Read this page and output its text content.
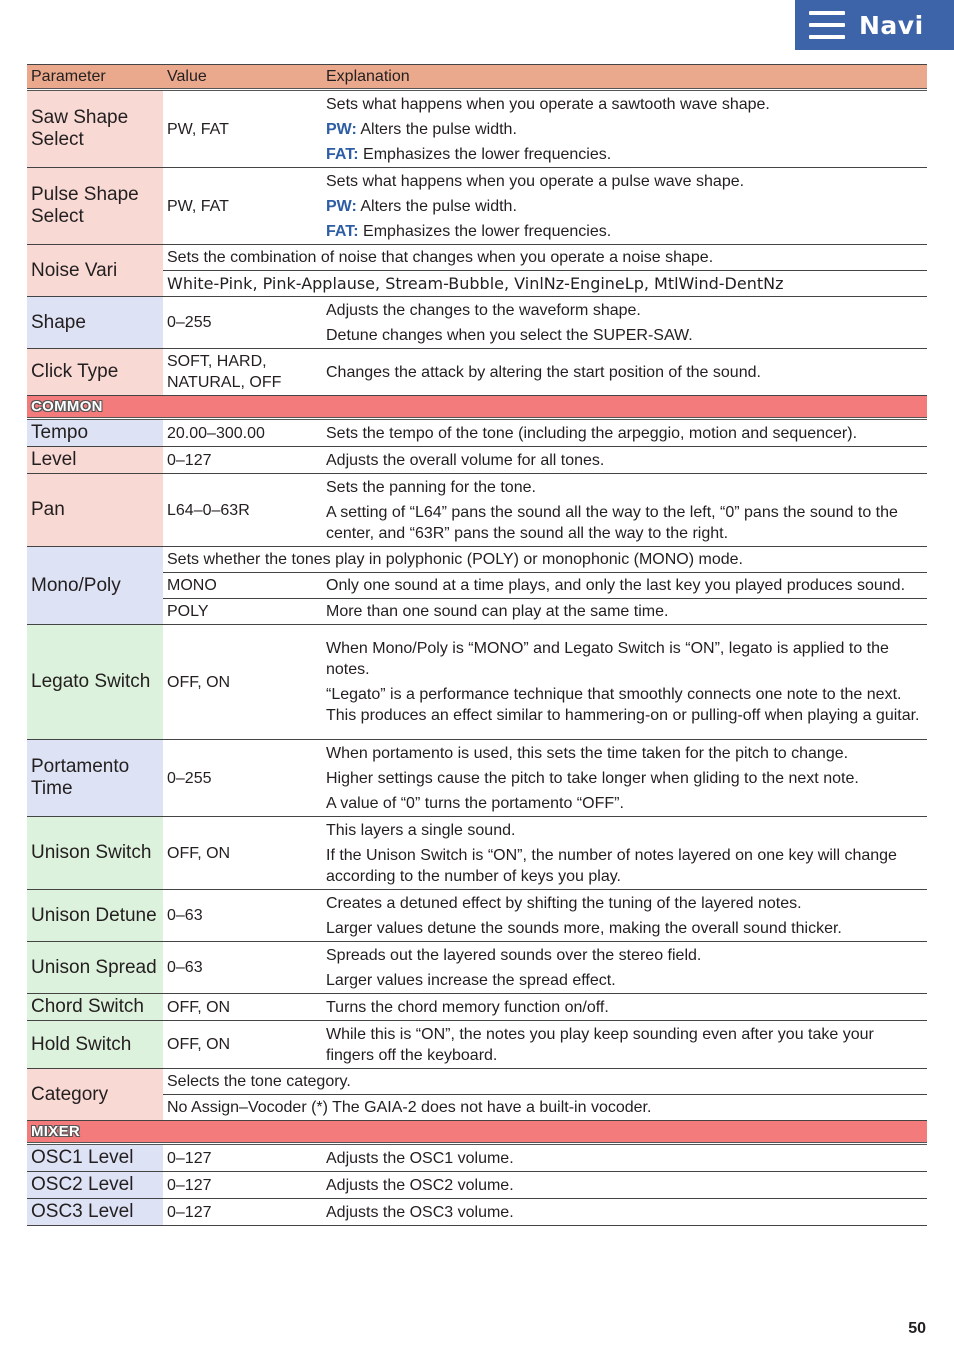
Navi
Parameter	Value	Explanation
Saw Shape Select	PW, FAT	Sets what happens when you operate a sawtooth wave shape.

PW: Alters the pulse width.

FAT: Emphasizes the lower frequencies.

Pulse Shape Select	PW, FAT	Sets what happens when you operate a pulse wave shape.

PW: Alters the pulse width.

FAT: Emphasizes the lower frequencies.

Noise Vari	Sets the combination of noise that changes when you operate a noise shape.	
	White-Pink, Pink-Applause, Stream-Bubble, VinlNz-EngineLp, MtlWind-DentNz	
Shape	0–255	Adjusts the changes to the waveform shape.

Detune changes when you select the SUPER-SAW.

Click Type	SOFT, HARD, NATURAL, OFF	Changes the attack by altering the start position of the sound.
COMMON		
Tempo	20.00–300.00	Sets the tempo of the tone (including the arpeggio, motion and sequencer).
Level	0–127	Adjusts the overall volume for all tones.
Pan	L64–0–63R	Sets the panning for the tone.

A setting of “L64” pans the sound all the way to the left, “0” pans the sound to the center, and “63R” pans the sound all the way to the right.

Mono/Poly	Sets whether the tones play in polyphonic (POLY) or monophonic (MONO) mode.	
	MONO	Only one sound at a time plays, and only the last key you played produces sound.
	POLY	More than one sound can play at the same time.
Legato Switch	OFF, ON	When Mono/Poly is “MONO” and Legato Switch is “ON”, legato is applied to the notes.

“Legato” is a performance technique that smoothly connects one note to the next. This produces an effect similar to hammering-on or pulling-off when playing a guitar.

Portamento Time	0–255	When portamento is used, this sets the time taken for the pitch to change.

Higher settings cause the pitch to take longer when gliding to the next note.

A value of “0” turns the portamento “OFF”.

Unison Switch	OFF, ON	This layers a single sound.

If the Unison Switch is “ON”, the number of notes layered on one key will change according to the number of keys you play.

Unison Detune	0–63	Creates a detuned effect by shifting the tuning of the layered notes.

Larger values detune the sounds more, making the overall sound thicker.

Unison Spread	0–63	Spreads out the layered sounds over the stereo field.

Larger values increase the spread effect.

Chord Switch	OFF, ON	Turns the chord memory function on/off.
Hold Switch	OFF, ON	While this is “ON”, the notes you play keep sounding even after you take your fingers off the keyboard.
Category	Selects the tone category.	
	No Assign–Vocoder (*) The GAIA-2 does not have a built-in vocoder.	
MIXER		
OSC1 Level	0–127	Adjusts the OSC1 volume.
OSC2 Level	0–127	Adjusts the OSC2 volume.
OSC3 Level	0–127	Adjusts the OSC3 volume.
50
